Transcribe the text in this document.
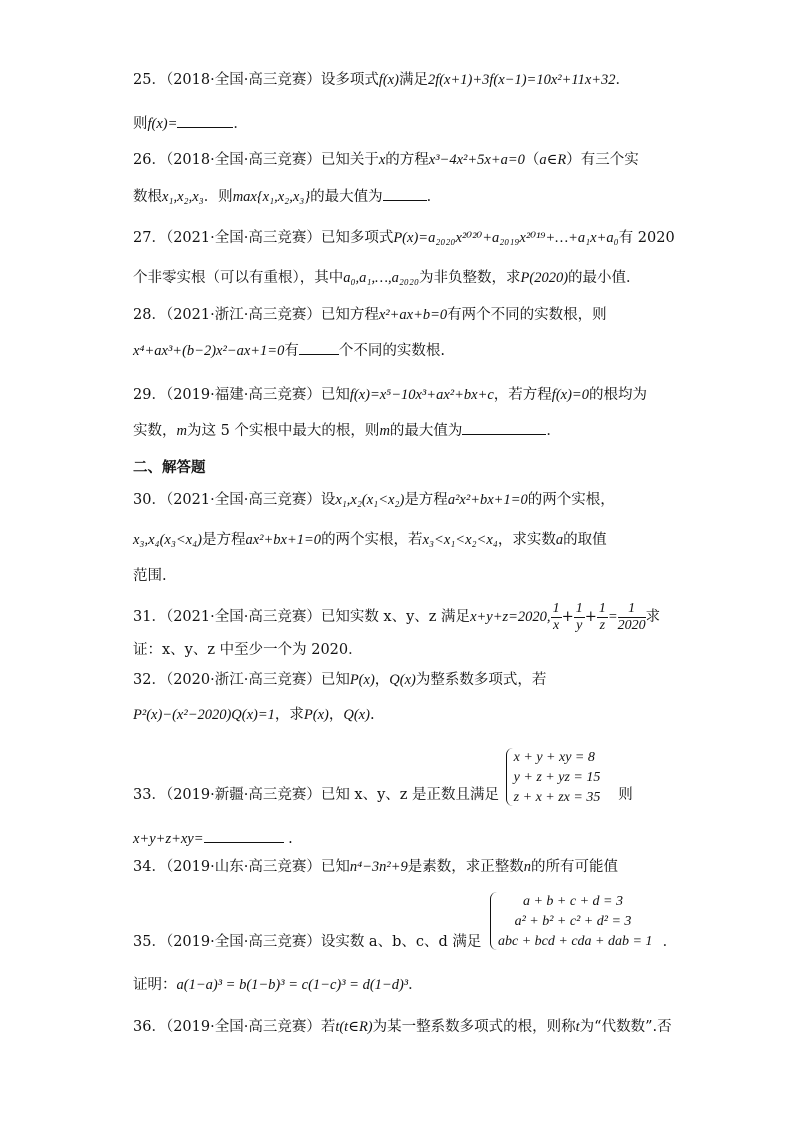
25．（2018·全国·高三竞赛）设多项式f(x)满足2f(x+1)+3f(x−1)=10x²+11x+32．
则f(x)=	．
26．（2018·全国·高三竞赛）已知关于x的方程x³−4x²+5x+a=0（a∈R）有三个实
数根x₁,x₂,x₃．则max{x₁,x₂,x₃}的最大值为	．
27．（2021·全国·高三竞赛）已知多项式P(x)=a₂₀₂₀x²⁰²⁰+a₂₀₁₉x²⁰¹⁹+…+a₁x+a₀有 2020
个非零实根（可以有重根），其中a₀,a₁,…,a₂₀₂₀为非负整数，求P(2020)的最小值．
28．（2021·浙江·高三竞赛）已知方程x²+ax+b=0有两个不同的实数根，则
x⁴+ax³+(b−2)x²−ax+1=0有	个不同的实数根.
29．（2019·福建·高三竞赛）已知f(x)=x⁵−10x³+ax²+bx+c，若方程f(x)=0的根均为
实数，m为这 5 个实根中最大的根，则m的最大值为	．
二、解答题
30．（2021·全国·高三竞赛）设x₁,x₂(x₁<x₂)是方程a²x²+bx+1=0的两个实根，
x₃,x₄(x₃<x₄)是方程ax²+bx+1=0的两个实根，若x₃<x₁<x₂<x₄，求实数a的取值
范围.
31．（2021·全国·高三竞赛）已知实数 x、y、z 满足x+y+z=2020, $\frac{1}{x} + \frac{1}{y} + \frac{1}{z} = \frac{1}{2020}$ 求
证：x、y、z 中至少一个为 2020．
32．（2020·浙江·高三竞赛）已知P(x)，Q(x)为整系数多项式，若
P²(x)−(x²−2020)Q(x)=1，求P(x)，Q(x).
33．（2019·新疆·高三竞赛）已知 x、y、z 是正数且满足
x + y + xy = 8
y + z + yz = 15
z + x + zx = 35 则
x+y+z+xy=	.
34．（2019·山东·高三竞赛）已知n⁴−3n²+9是素数，求正整数n的所有可能值
35．（2019·全国·高三竞赛）设实数 a、b、c、d 满足
a + b + c + d = 3
a² + b² + c² + d² = 3
abc + bcd + cda + dab = 1 ．
证明：a(1−a)³ = b(1−b)³ = c(1−c)³ = d(1−d)³．
36．（2019·全国·高三竞赛）若t(t∈R)为某一整系数多项式的根，则称t为“代数数”.否
